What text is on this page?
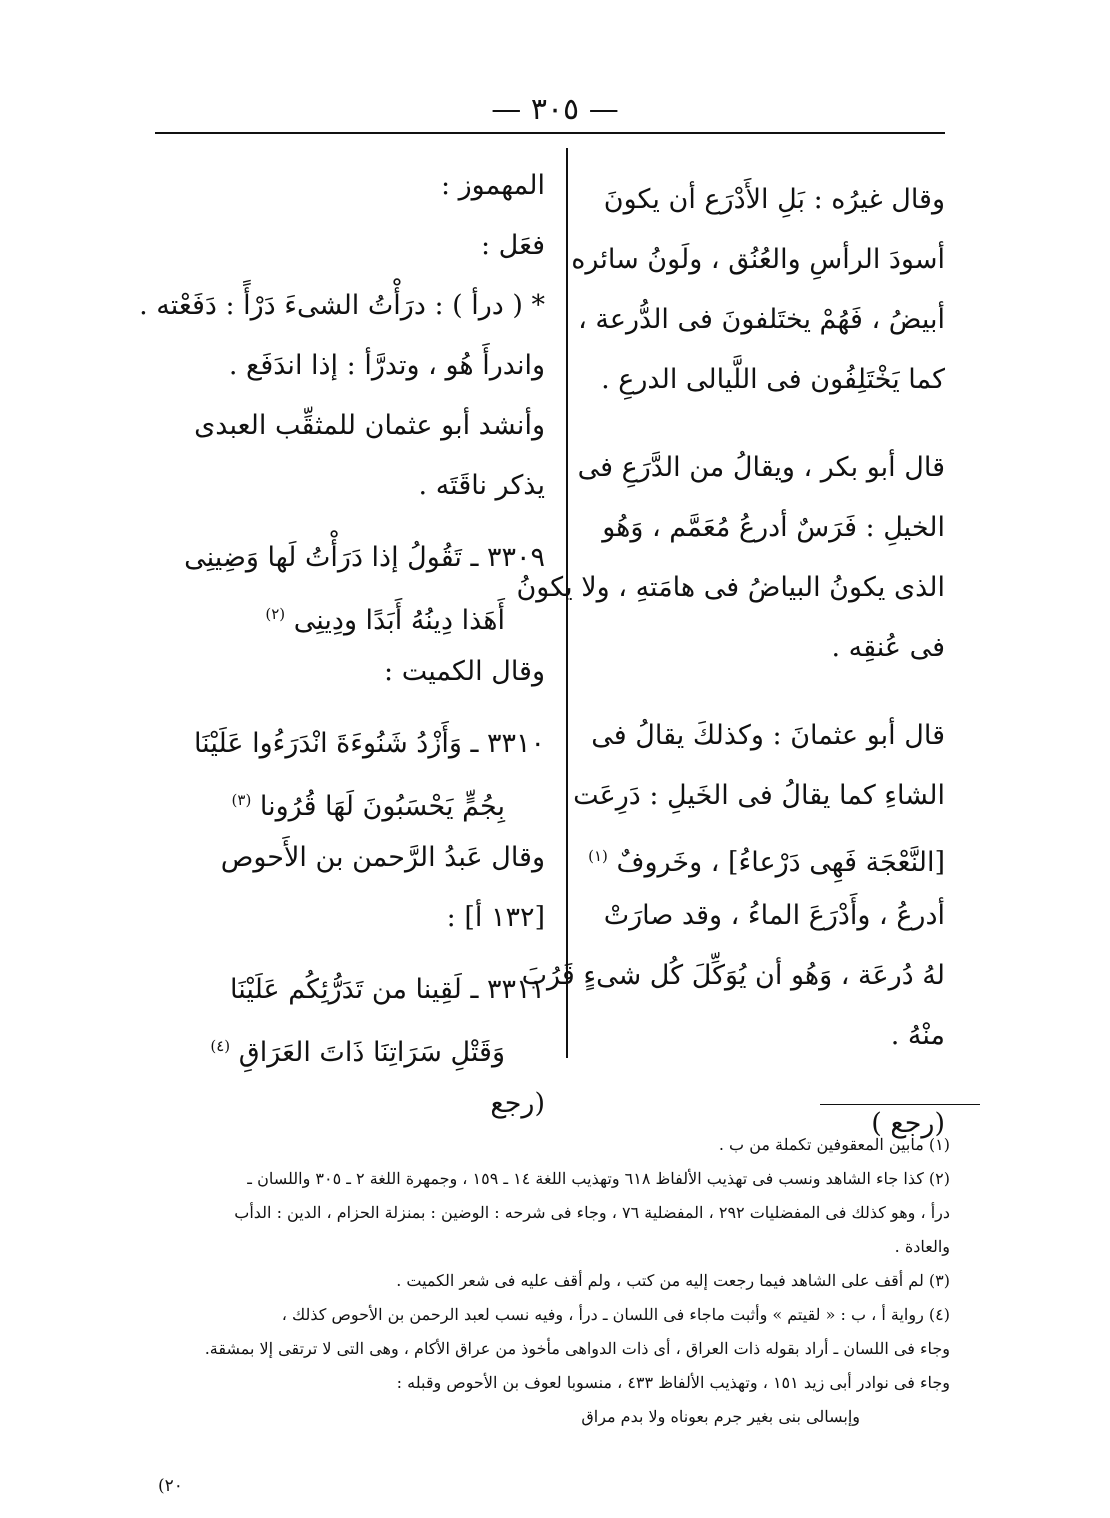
— ٣٠٥ —
وقال غيرُه : بَلِ الأَدْرَع أن يكونَ
أسودَ الرأسِ والعُنُق ، ولَونُ سائره
أبيضُ ، فَهُمْ يختَلفونَ فى الدُّرعة ،
كما يَخْتَلِفُون فى اللَّيالى الدرعِ .
قال أبو بكر ، ويقالُ من الدَّرَعِ فى
الخيلِ : فَرَسٌ أدرعُ مُعَمَّم ، وَهُو
الذى يكونُ البياضُ فى هامَتهِ ، ولا يكونُ
فى عُنقِه .
قال أبو عثمانَ : وكذلكَ يقالُ فى
الشاءِ كما يقالُ فى الخَيلِ : دَرِعَت
[النَّعْجَة فَهِى دَرْعاءُ] ، وخَروفٌ $^{(١)}$
أدرعُ ، وأَدْرَعَ الماءُ ، وقد صارَتْ
لهُ دُرعَة ، وَهُو أن يُوَكِّلَ كُل شىءٍ قَرُبَ
منْهُ .
(رجع )
المهموز :
فعَل :
* ( درأ ) : درَأْتُ الشىءَ دَرْأً : دَفَعْته .
واندرأَ هُو ، وتدرَّأ : إذا اندَفَع .
وأنشد أبو عثمان للمثقِّب العبدى
يذكر ناقَتَه .
٣٣٠٩ ـ تَقُولُ إذا دَرَأْتُ لَها وَضِينِى
أَهَذا دِينُهُ أَبَدًا ودِينِى $^{(٢)}$
وقال الكميت :
٣٣١٠ ـ وَأَزْدُ شَنُوءَةَ انْدَرَءُوا عَلَيْنَا
بِجُمٍّ يَحْسَبُونَ لَهَا قُرُونا $^{(٣)}$
وقال عَبدُ الرَّحمن بن الأَحوص
[١٣٢ أ] :
٣٣١١ ـ لَقِينا من تَدَرُّئِكُم عَلَيْنَا
وَقَتْلِ سَرَاتِنَا ذَاتَ العَرَاقِ $^{(٤)}$
(رجع
(١) مابين المعقوفين تكملة من ب .
(٢) كذا جاء الشاهد ونسب فى تهذيب الألفاظ ٦١٨ وتهذيب اللغة ١٤ ـ ١٥٩ ، وجمهرة اللغة ٢ ـ ٣٠٥ واللسان ـ
درأ ، وهو كذلك فى المفضليات ٢٩٢ ، المفضلية ٧٦ ، وجاء فى شرحه : الوضين : بمنزلة الحزام ، الدين : الدأب
والعادة .
(٣) لم أقف على الشاهد فيما رجعت إليه من كتب ، ولم أقف عليه فى شعر الكميت .
(٤) رواية أ ، ب : « لقيتم » وأثبت ماجاء فى اللسان ـ درأ ، وفيه نسب لعبد الرحمن بن الأحوص كذلك ،
وجاء فى اللسان ـ أراد بقوله ذات العراق ، أى ذات الدواهى مأخوذ من عراق الأكام ، وهى التى لا ترتقى إلا بمشقة.
وجاء فى نوادر أبى زيد ١٥١ ، وتهذيب الألفاظ ٤٣٣ ، منسوبا لعوف بن الأحوص وقبله :
وإبسالى بنى بغير جرم بعوناه ولا بدم مراق
(٢٠
